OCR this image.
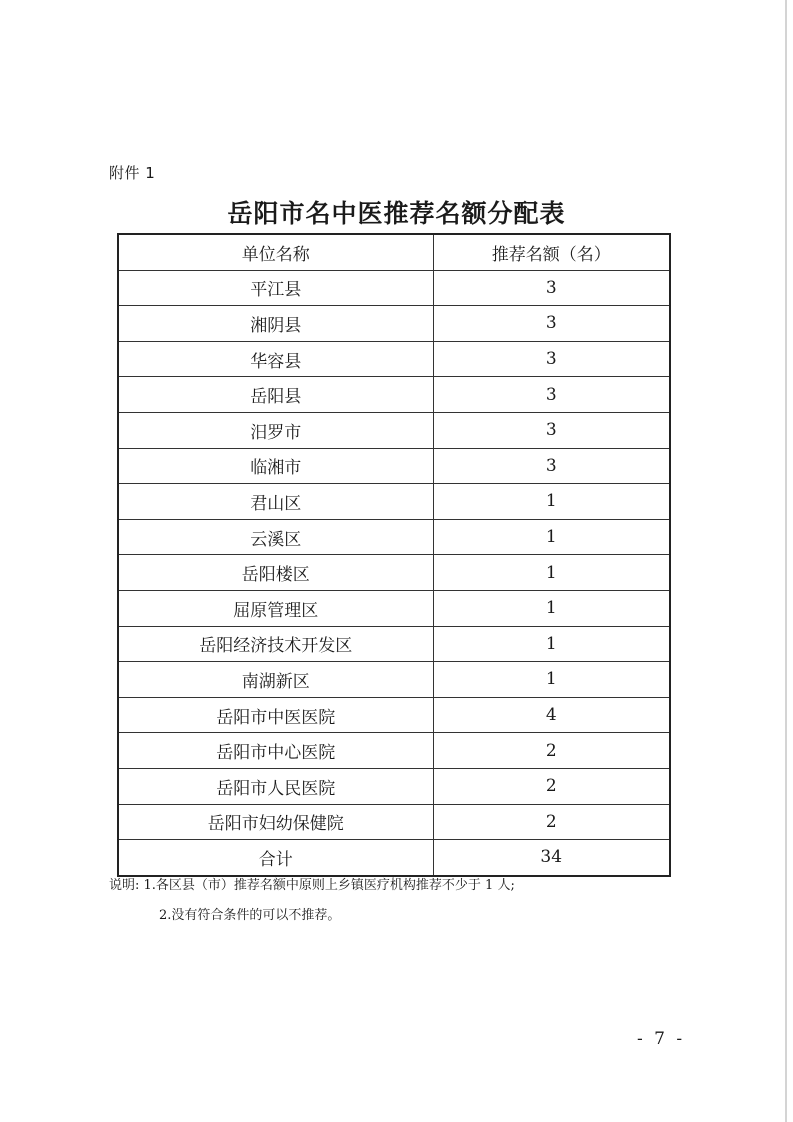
附件 1
岳阳市名中医推荐名额分配表
单位名称	推荐名额（名）
平江县	3
湘阴县	3
华容县	3
岳阳县	3
汨罗市	3
临湘市	3
君山区	1
云溪区	1
岳阳楼区	1
屈原管理区	1
岳阳经济技术开发区	1
南湖新区	1
岳阳市中医医院	4
岳阳市中心医院	2
岳阳市人民医院	2
岳阳市妇幼保健院	2
合计	34
说明: 1.各区县（市）推荐名额中原则上乡镇医疗机构推荐不少于 1 人;
2.没有符合条件的可以不推荐。
- 7 -
